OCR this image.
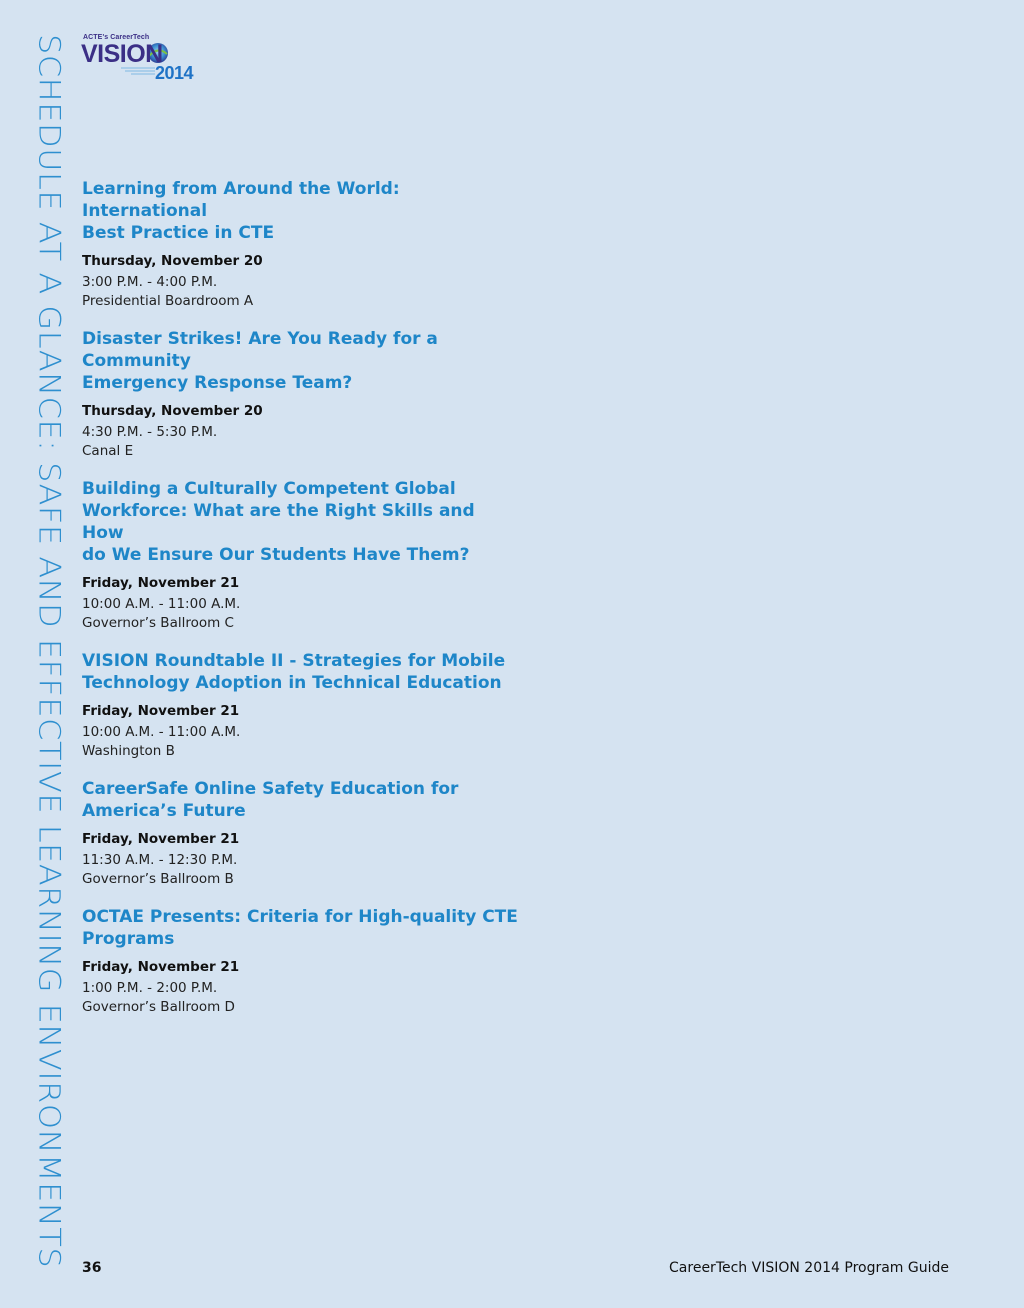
SCHEDULE AT A GLANCE: SAFE AND EFFECTIVE LEARNING ENVIRONMENTS ACTE's CareerTech
VISION
2014
Learning from Around the World: International
Best Practice in CTE
Thursday, November 20
3:00 P.M. - 4:00 P.M.
Presidential Boardroom A
Disaster Strikes! Are You Ready for a Community
Emergency Response Team?
Thursday, November 20
4:30 P.M. - 5:30 P.M.
Canal E
Building a Culturally Competent Global
Workforce: What are the Right Skills and How
do We Ensure Our Students Have Them?
Friday, November 21
10:00 A.M. - 11:00 A.M.
Governor’s Ballroom C
VISION Roundtable II - Strategies for Mobile
Technology Adoption in Technical Education
Friday, November 21
10:00 A.M. - 11:00 A.M.
Washington B
CareerSafe Online Safety Education for
America’s Future
Friday, November 21
11:30 A.M. - 12:30 P.M.
Governor’s Ballroom B
OCTAE Presents: Criteria for High-quality CTE
Programs
Friday, November 21
1:00 P.M. - 2:00 P.M.
Governor’s Ballroom D
36	CareerTech VISION 2014 Program Guide
